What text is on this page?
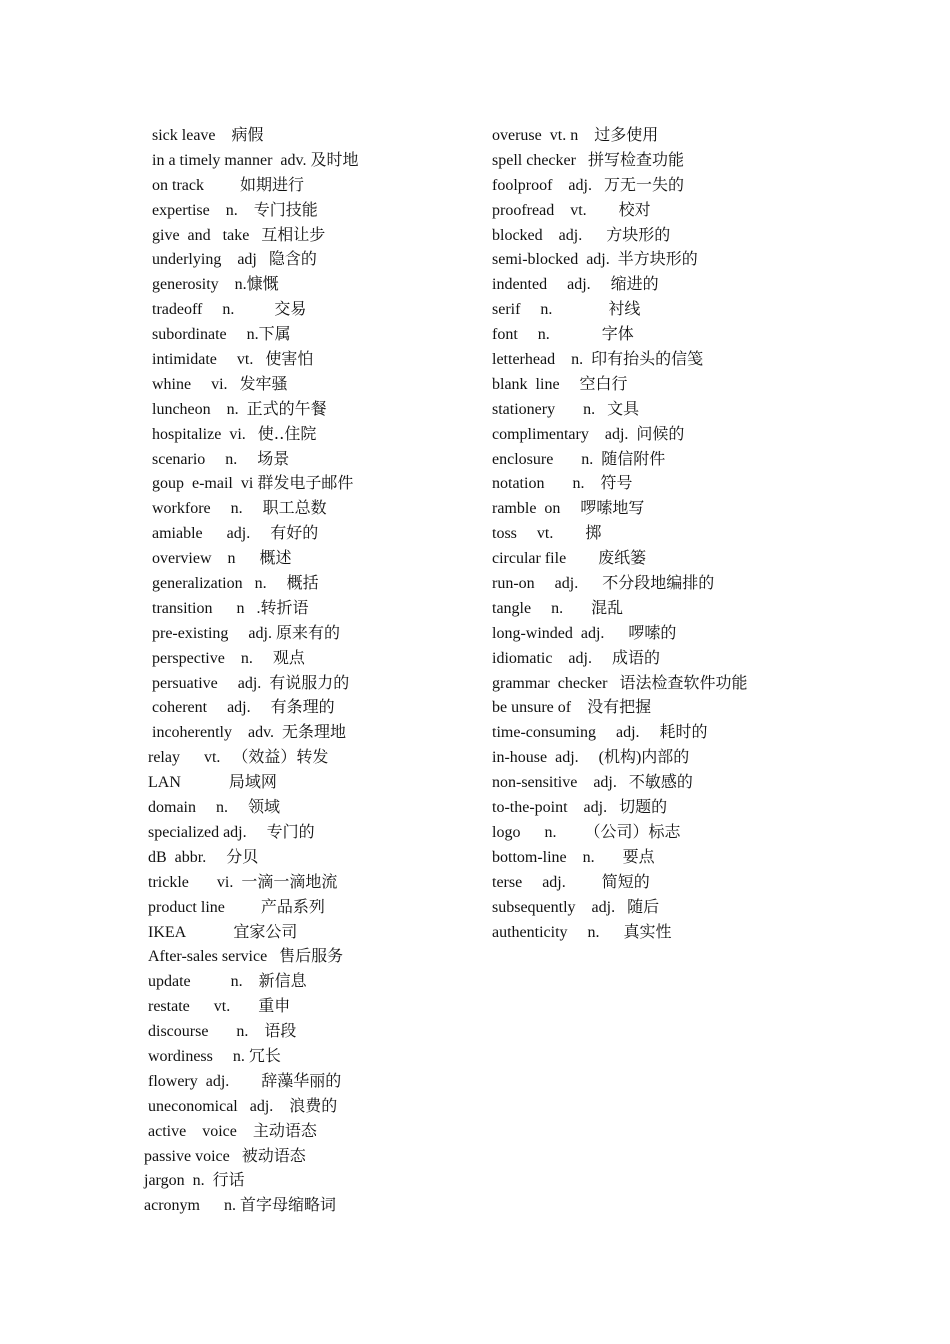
sick leave    病假
in a timely manner  adv. 及时地
on track         如期进行
expertise    n.    专门技能
give  and   take   互相让步
underlying    adj   隐含的
generosity    n.慷慨
tradeoff     n.          交易
subordinate     n.下属
intimidate     vt.   使害怕
whine     vi.   发牢骚
luncheon    n.  正式的午餐
hospitalize  vi.   使‥住院
scenario     n.     场景
goup  e-mail  vi 群发电子邮件
workfore     n.     职工总数
amiable      adj.     有好的
overview    n      概述
generalization   n.     概括
transition      n   .转折语
pre-existing     adj. 原来有的
perspective    n.     观点
persuative     adj.  有说服力的
coherent     adj.     有条理的
incoherently    adv.  无条理地
relay      vt.   （效益）转发
LAN            局域网
domain     n.     领域
specialized adj.     专门的
dB  abbr.     分贝
trickle       vi.  一滴一滴地流
product line         产品系列
IKEA            宜家公司
After-sales service   售后服务
update          n.    新信息
restate      vt.       重申
discourse       n.    语段
wordiness     n. 冗长
flowery  adj.        辞藻华丽的
uneconomical   adj.    浪费的
active    voice    主动语态
passive voice   被动语态
jargon  n.  行话
acronym      n. 首字母缩略词
overuse  vt. n    过多使用
spell checker   拼写检查功能
foolproof    adj.   万无一失的
proofread    vt.        校对
blocked    adj.      方块形的
semi-blocked  adj.  半方块形的
indented     adj.     缩进的
serif     n.              衬线
font     n.             字体
letterhead    n.  印有抬头的信笺
blank  line     空白行
stationery       n.   文具
complimentary    adj.  问候的
enclosure       n.  随信附件
notation       n.    符号
ramble  on     啰嗦地写
toss     vt.        掷
circular file        废纸篓
run-on     adj.      不分段地编排的
tangle     n.       混乱
long-winded  adj.      啰嗦的
idiomatic    adj.     成语的
grammar  checker   语法检查软件功能
be unsure of    没有把握
time-consuming     adj.     耗时的
in-house  adj.     (机构)内部的
non-sensitive    adj.   不敏感的
to-the-point    adj.   切题的
logo      n.       （公司）标志
bottom-line    n.       要点
terse     adj.         简短的
subsequently    adj.   随后
authenticity     n.      真实性
